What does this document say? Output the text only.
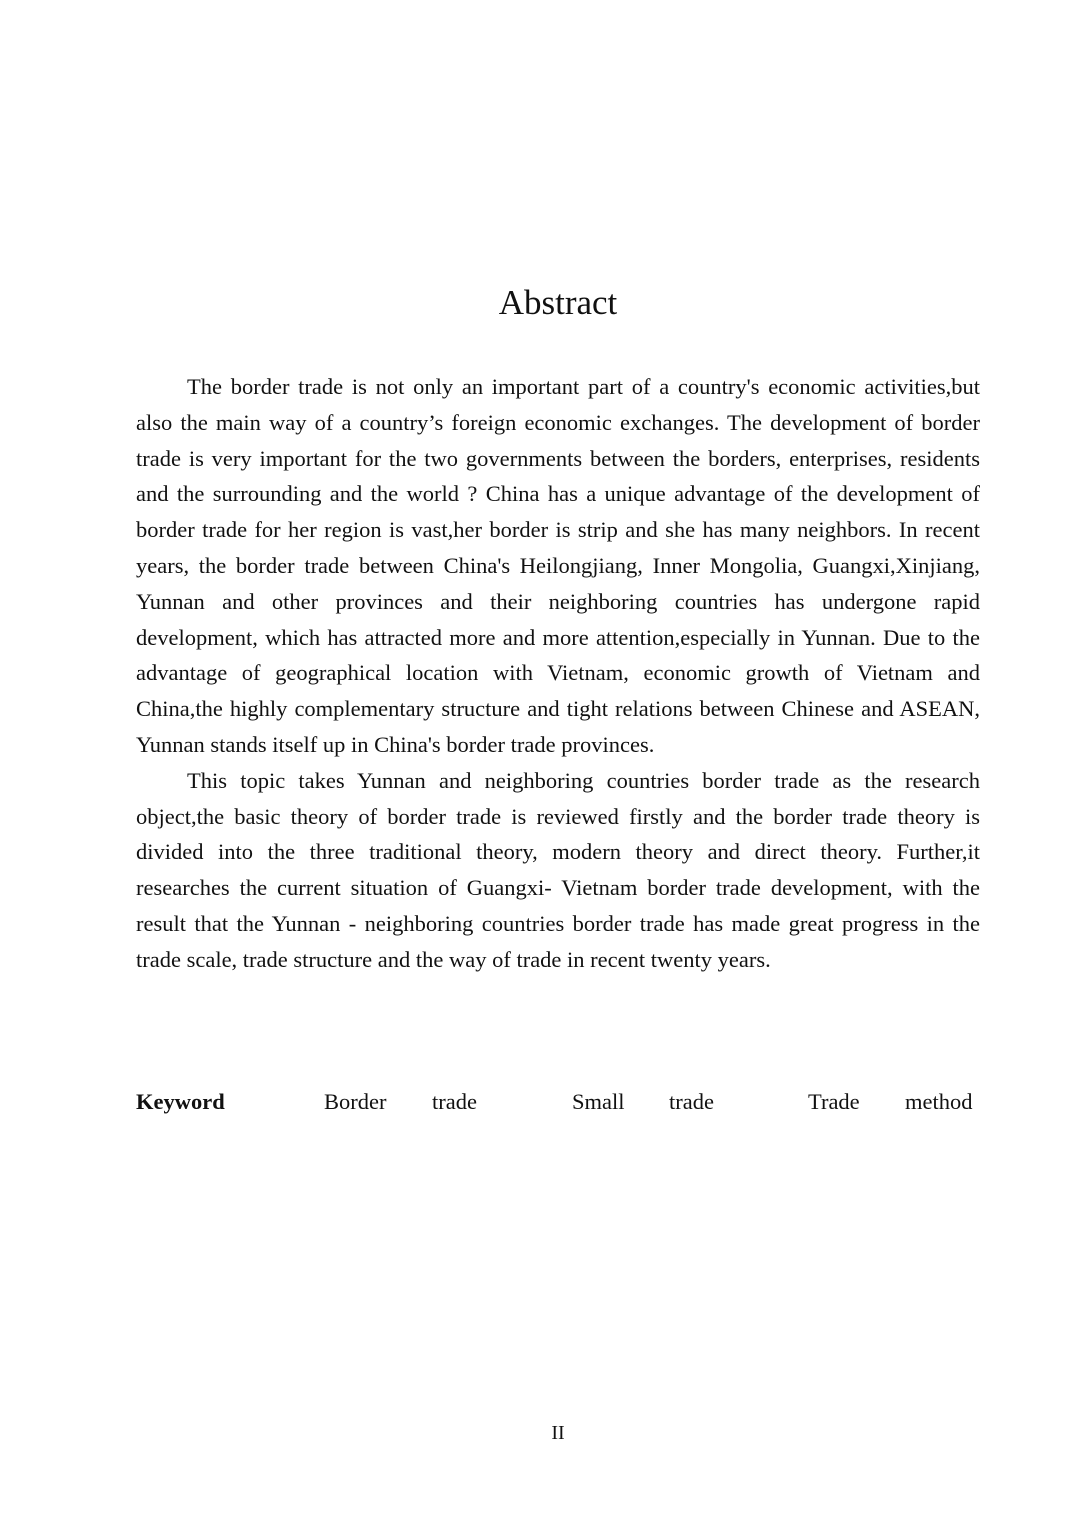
Abstract

The border trade is not only an important part of a country's economic activities,but also the main way of a country’s foreign economic exchanges. The development of border trade is very important for the two governments between the borders, enterprises, residents and the surrounding and the world ? China has a unique advantage of the development of border trade for her region is vast,her border is strip and she has many neighbors. In recent years, the border trade between China's Heilongjiang, Inner Mongolia, Guangxi,Xinjiang, Yunnan and other provinces and their neighboring countries has undergone rapid development, which has attracted more and more attention,especially in Yunnan. Due to the advantage of geographical location with Vietnam, economic growth of Vietnam and China,the highly complementary structure and tight relations between Chinese and ASEAN, Yunnan stands itself up in China's border trade provinces.

This topic takes Yunnan and neighboring countries border trade as the research object,the basic theory of border trade is reviewed firstly and the border trade theory is divided into the three traditional theory, modern theory and direct theory. Further,it researches the current situation of Guangxi- Vietnam border trade development, with the result that the Yunnan - neighboring countries border trade has made great progress in the trade scale, trade structure and the way of trade in recent twenty years.

Keyword	Border trade	Small trade	Trade method
II
